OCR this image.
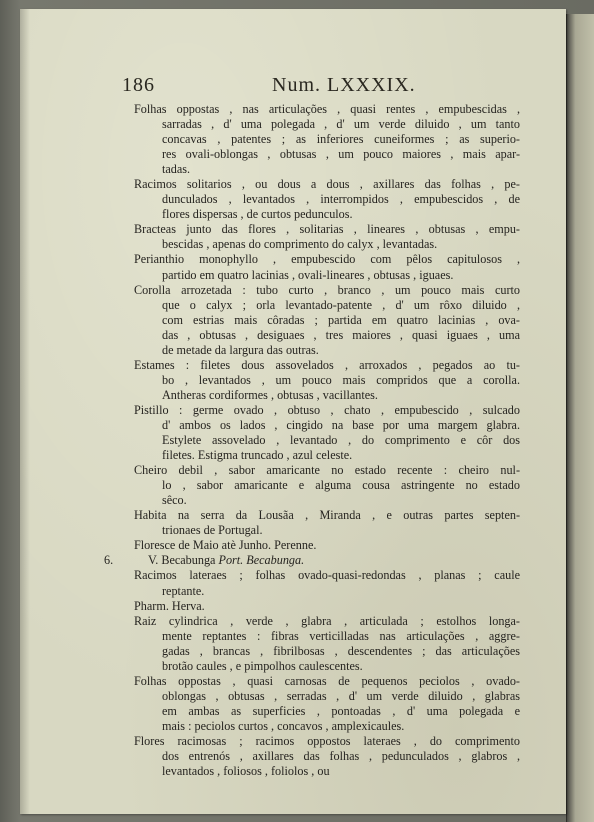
186	Num. LXXXIX.
Folhas oppostas , nas articulações , quasi rentes , empubescidas ,
sarradas , d' uma polegada , d' um verde diluido , um tanto
concavas , patentes ; as inferiores cuneiformes ; as superio-
res ovali-oblongas , obtusas , um pouco maiores , mais apar-
tadas.
Racimos solitarios , ou dous a dous , axillares das folhas , pe-
dunculados , levantados , interrompidos , empubescidos , de
flores dispersas , de curtos pedunculos.
Bracteas junto das flores , solitarias , lineares , obtusas , empu-
bescidas , apenas do comprimento do calyx , levantadas.
Perianthio monophyllo , empubescido com pêlos capitulosos ,
partido em quatro lacinias , ovali-lineares , obtusas , iguaes.
Corolla arrozetada : tubo curto , branco , um pouco mais curto
que o calyx ; orla levantado-patente , d' um rôxo diluido ,
com estrias mais côradas ; partida em quatro lacinias , ova-
das , obtusas , desiguaes , tres maiores , quasi iguaes , uma
de metade da largura das outras.
Estames : filetes dous assovelados , arroxados , pegados ao tu-
bo , levantados , um pouco mais compridos que a corolla.
Antheras cordiformes , obtusas , vacillantes.
Pistillo : germe ovado , obtuso , chato , empubescido , sulcado
d' ambos os lados , cingido na base por uma margem glabra.
Estylete assovelado , levantado , do comprimento e côr dos
filetes. Estigma truncado , azul celeste.
Cheiro debil , sabor amaricante no estado recente : cheiro nul-
lo , sabor amaricante e alguma cousa astringente no estado
sêco.
Habita na serra da Lousãa , Miranda , e outras partes septen-
trionaes de Portugal.
Floresce de Maio atè Junho. Perenne.
6.	V. Becabunga Port. Becabunga.
Racimos lateraes ; folhas ovado-quasi-redondas , planas ; caule
reptante.
Pharm. Herva.
Raiz cylindrica , verde , glabra , articulada ; estolhos longa-
mente reptantes : fibras verticilladas nas articulações , aggre-
gadas , brancas , fibrilbosas , descendentes ; das articulações
brotão caules , e pimpolhos caulescentes.
Folhas oppostas , quasi carnosas de pequenos peciolos , ovado-
oblongas , obtusas , serradas , d' um verde diluido , glabras
em ambas as superficies , pontoadas , d' uma polegada e
mais : peciolos curtos , concavos , amplexicaules.
Flores racimosas ; racimos oppostos lateraes , do comprimento
dos entrenós , axillares das folhas , pedunculados , glabros ,
levantados , foliosos , foliolos , ou
